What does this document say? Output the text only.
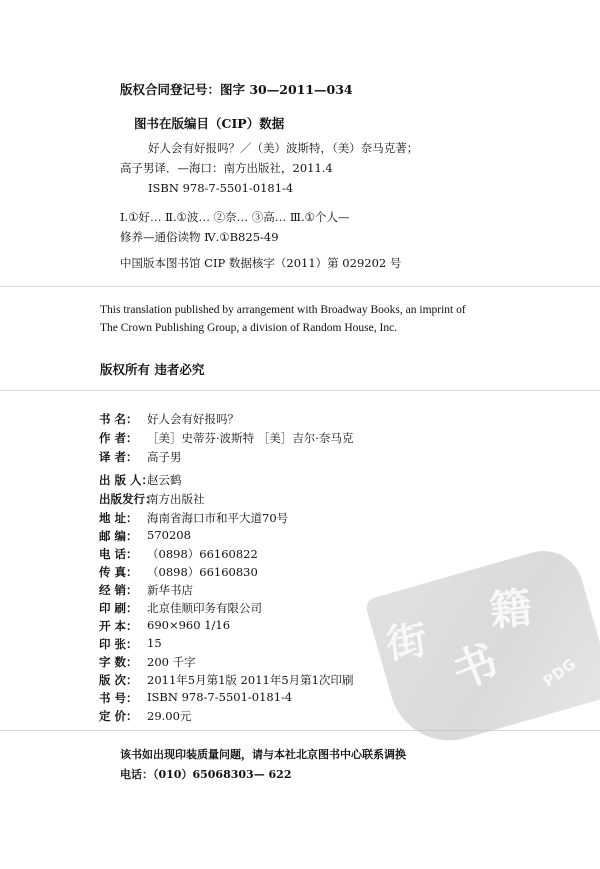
版权合同登记号：图字 30—2011—034
图书在版编目（CIP）数据
好人会有好报吗？／（美）波斯特，（美）奈马克著；
高子男译．—海口：南方出版社，2011.4
ISBN 978-7-5501-0181-4
Ⅰ.①好… Ⅱ.①波… ②奈… ③高… Ⅲ.①个人—
修养—通俗读物 Ⅳ.①B825-49
中国版本图书馆 CIP 数据核字（2011）第 029202 号
This translation published by arrangement with Broadway Books, an imprint of
The Crown Publishing Group, a division of Random House, Inc.
版权所有 违者必究
书 名： 好人会有好报吗？
作 者： ［美］史蒂芬·波斯特 ［美］吉尔·奈马克
译 者： 高子男
出 版 人：
赵云鹤
出版发行：
南方出版社
地 址： 海南省海口市和平大道70号
邮 编： 570208
电 话： （0898）66160822
传 真： （0898）66160830
经 销： 新华书店
印 刷： 北京佳顺印务有限公司
开 本： 690×960 1/16
印 张： 15
字 数： 200 千字
版 次： 2011年5月第1版 2011年5月第1次印刷
书 号： ISBN 978-7-5501-0181-4
定 价： 29.00元
该书如出现印装质量问题，请与本社北京图书中心联系调换
电话：（010）65068303— 622
街 书
籍
PDG
